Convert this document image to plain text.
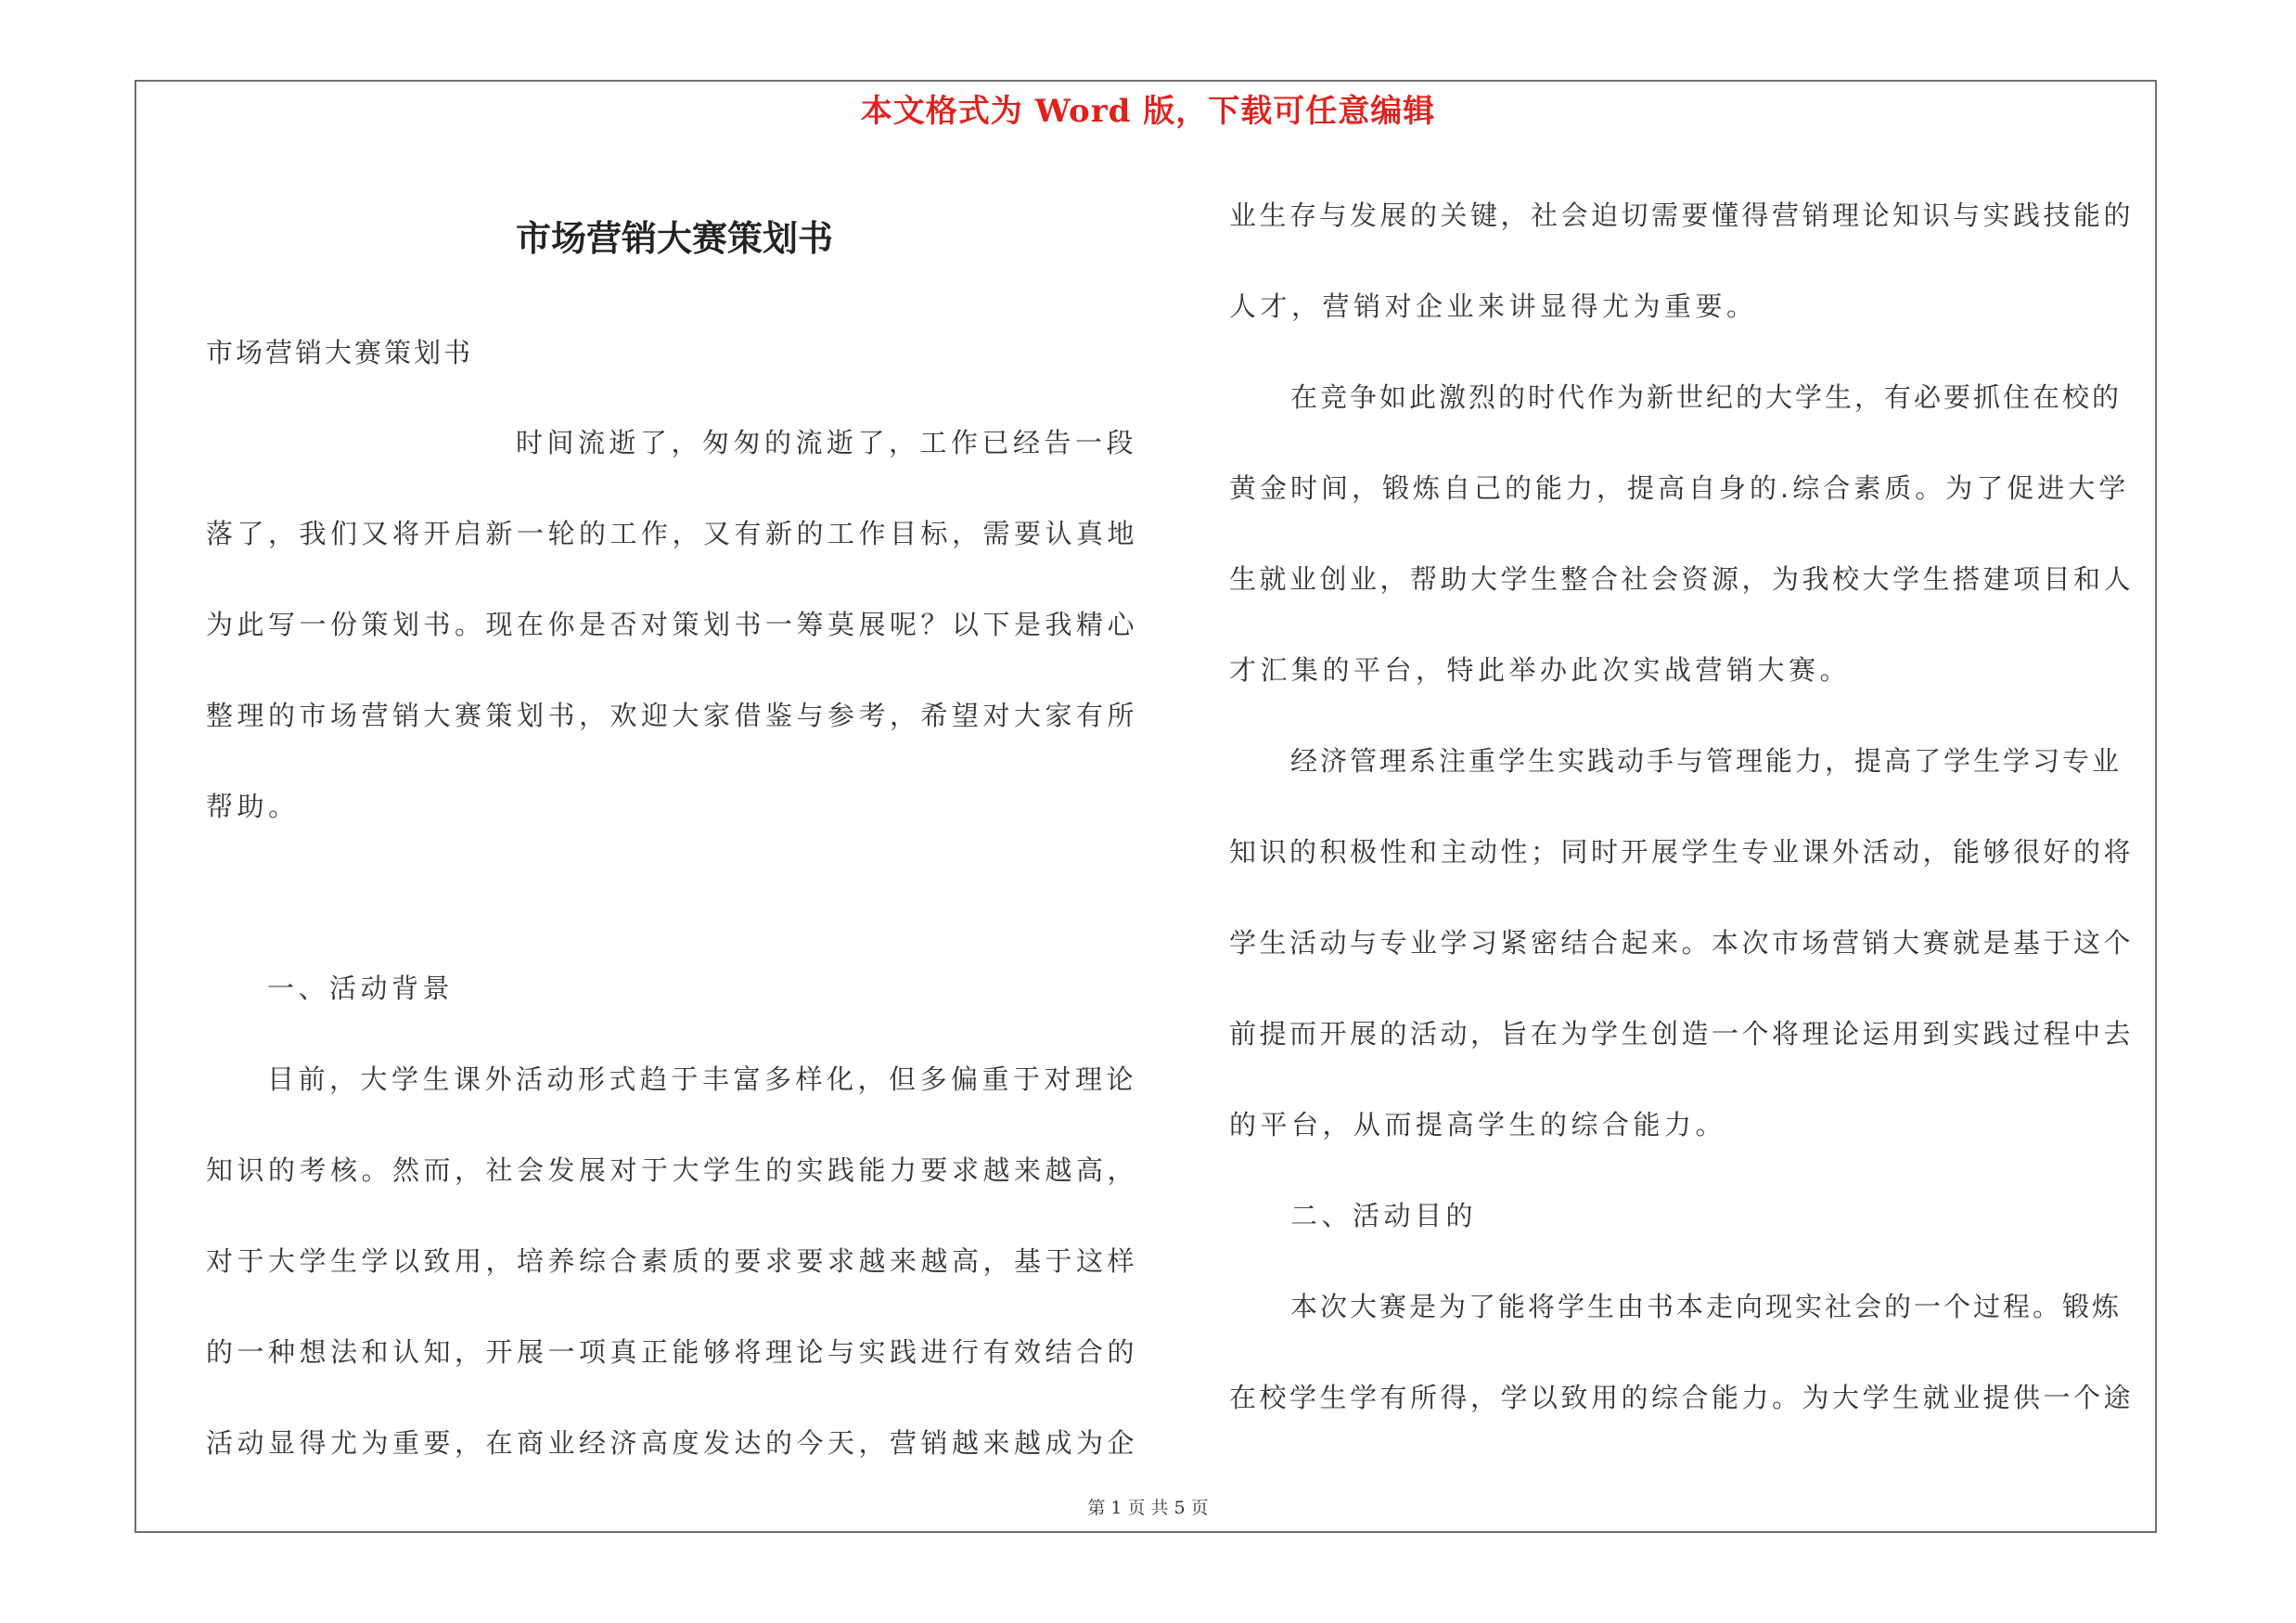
本文格式为 Word 版，下载可任意编辑
市场营销大赛策划书
市场营销大赛策划书
时间流逝了，匆匆的流逝了，工作已经告一段
落了，我们又将开启新一轮的工作，又有新的工作目标，需要认真地
为此写一份策划书。现在你是否对策划书一筹莫展呢？以下是我精心
整理的市场营销大赛策划书，欢迎大家借鉴与参考，希望对大家有所
帮助。
一、活动背景
目前，大学生课外活动形式趋于丰富多样化，但多偏重于对理论
知识的考核。然而，社会发展对于大学生的实践能力要求越来越高，
对于大学生学以致用，培养综合素质的要求要求越来越高，基于这样
的一种想法和认知，开展一项真正能够将理论与实践进行有效结合的
活动显得尤为重要，在商业经济高度发达的今天，营销越来越成为企
业生存与发展的关键，社会迫切需要懂得营销理论知识与实践技能的
人才，营销对企业来讲显得尤为重要。
在竞争如此激烈的时代作为新世纪的大学生，有必要抓住在校的
黄金时间，锻炼自己的能力，提高自身的.综合素质。为了促进大学
生就业创业，帮助大学生整合社会资源，为我校大学生搭建项目和人
才汇集的平台，特此举办此次实战营销大赛。
经济管理系注重学生实践动手与管理能力，提高了学生学习专业
知识的积极性和主动性；同时开展学生专业课外活动，能够很好的将
学生活动与专业学习紧密结合起来。本次市场营销大赛就是基于这个
前提而开展的活动，旨在为学生创造一个将理论运用到实践过程中去
的平台，从而提高学生的综合能力。
二、活动目的
本次大赛是为了能将学生由书本走向现实社会的一个过程。锻炼
在校学生学有所得，学以致用的综合能力。为大学生就业提供一个途
第 1 页 共 5 页
